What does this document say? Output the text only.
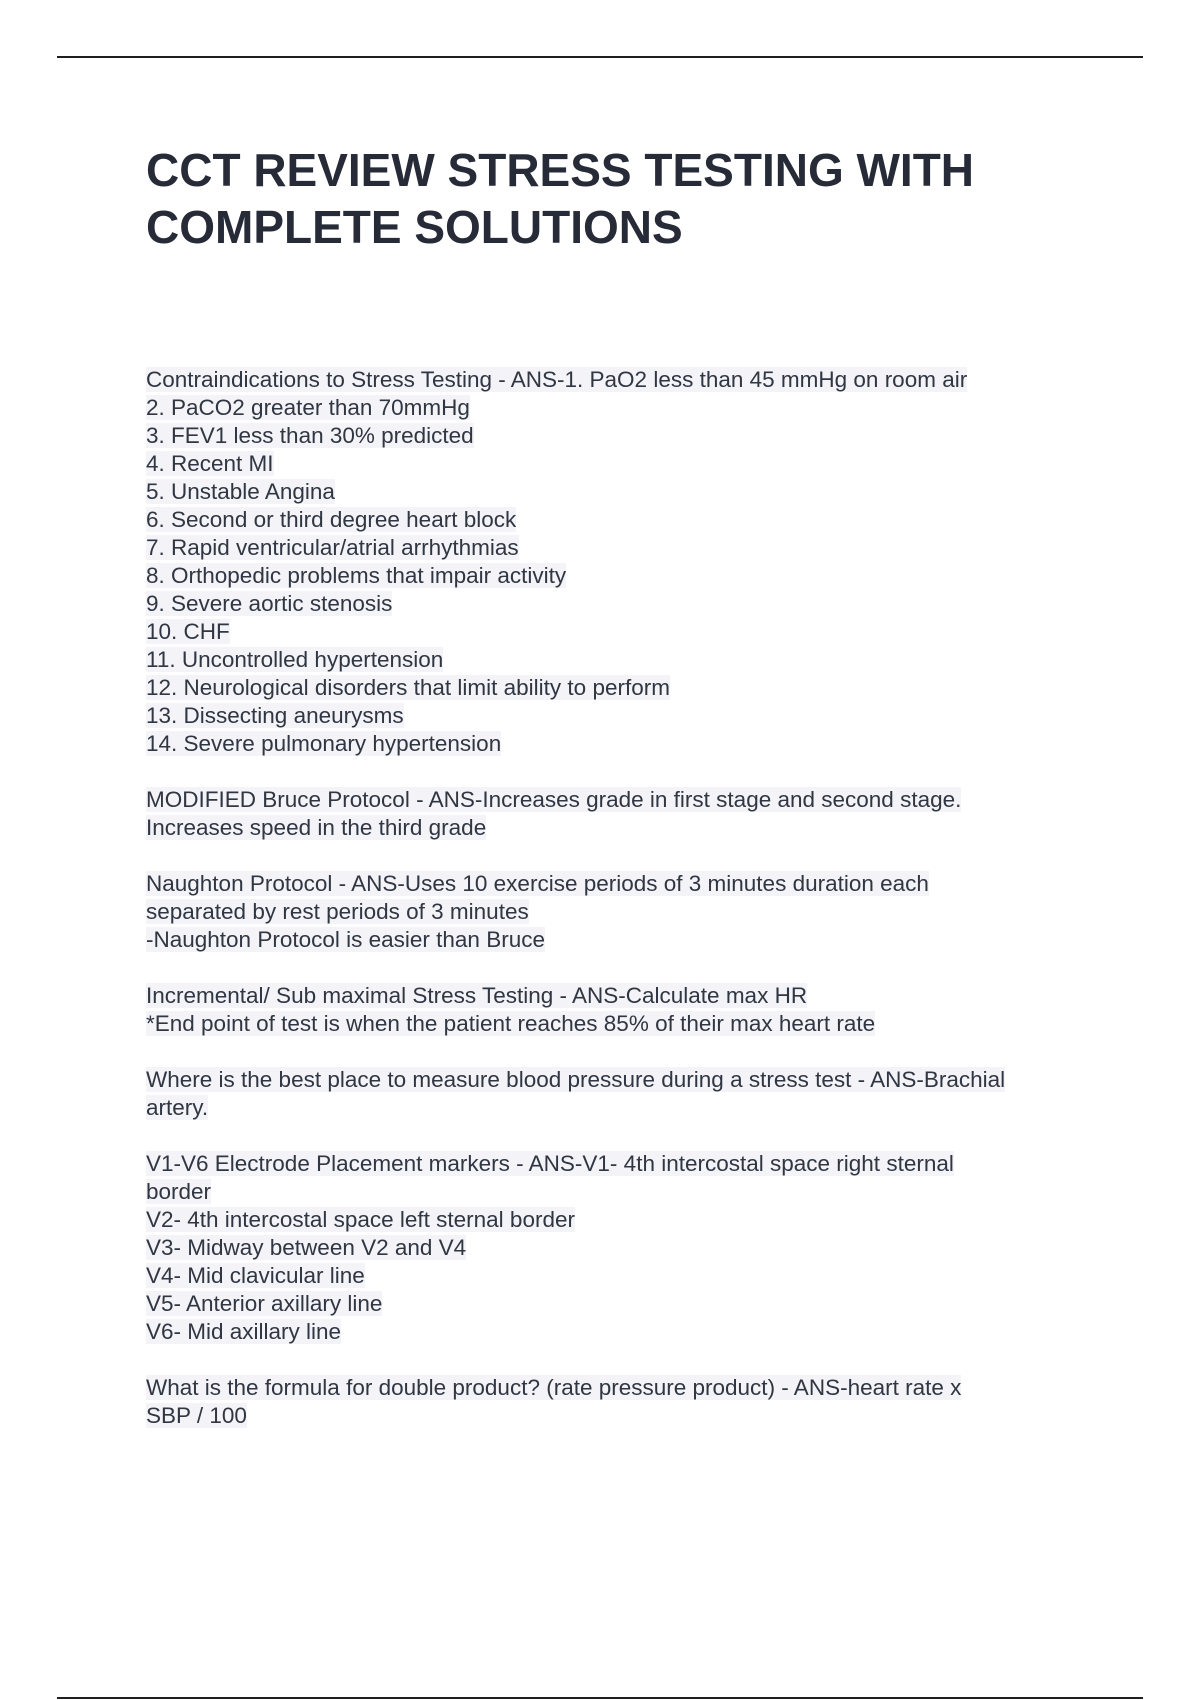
CCT REVIEW STRESS TESTING WITH
COMPLETE SOLUTIONS
Contraindications to Stress Testing - ANS-1. PaO2 less than 45 mmHg on room air
2. PaCO2 greater than 70mmHg
3. FEV1 less than 30% predicted
4. Recent MI
5. Unstable Angina
6. Second or third degree heart block
7. Rapid ventricular/atrial arrhythmias
8. Orthopedic problems that impair activity
9. Severe aortic stenosis
10. CHF
11. Uncontrolled hypertension
12. Neurological disorders that limit ability to perform
13. Dissecting aneurysms
14. Severe pulmonary hypertension
MODIFIED Bruce Protocol - ANS-Increases grade in first stage and second stage.
Increases speed in the third grade
Naughton Protocol - ANS-Uses 10 exercise periods of 3 minutes duration each
separated by rest periods of 3 minutes
-Naughton Protocol is easier than Bruce
Incremental/ Sub maximal Stress Testing - ANS-Calculate max HR
*End point of test is when the patient reaches 85% of their max heart rate
Where is the best place to measure blood pressure during a stress test - ANS-Brachial
artery.
V1-V6 Electrode Placement markers - ANS-V1- 4th intercostal space right sternal
border
V2- 4th intercostal space left sternal border
V3- Midway between V2 and V4
V4- Mid clavicular line
V5- Anterior axillary line
V6- Mid axillary line
What is the formula for double product? (rate pressure product) - ANS-heart rate x
SBP / 100
